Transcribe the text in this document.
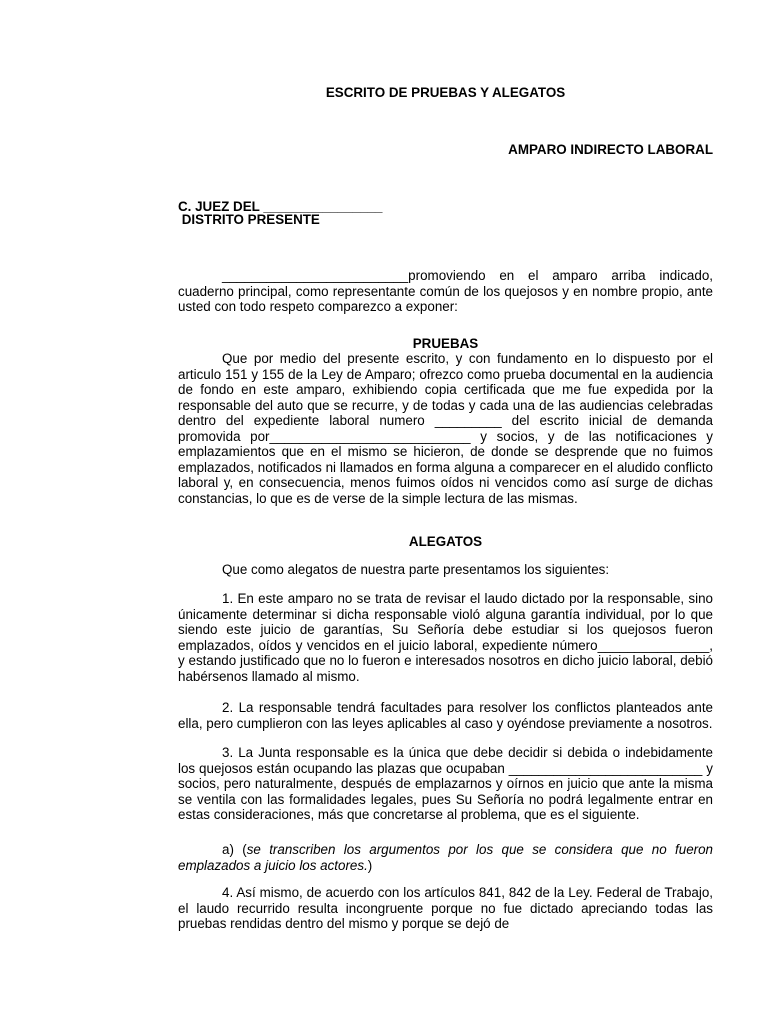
ESCRITO DE PRUEBAS Y ALEGATOS

AMPARO INDIRECTO LABORAL

C. JUEZ DEL ________________

DISTRITO PRESENTE

_________________________promoviendo en el amparo arriba indicado, cuaderno principal, como representante común de los quejosos y en nombre propio, ante usted con todo respeto comparezco a exponer:

PRUEBAS

Que por medio del presente escrito, y con fundamento en lo dispuesto por el articulo 151 y 155 de la Ley de Amparo; ofrezco como prueba documental en la audiencia de fondo en este amparo, exhibiendo copia certificada que me fue expedida por la responsable del auto que se recurre, y de todas y cada una de las audiencias celebradas dentro del expediente laboral numero _________ del escrito inicial de demanda promovida por___________________________ y socios, y de las notificaciones y emplazamientos que en el mismo se hicieron, de donde se desprende que no fuimos emplazados, notificados ni llamados en forma alguna a comparecer en el aludido conflicto laboral y, en consecuencia, menos fuimos oídos ni vencidos como así surge de dichas constancias, lo que es de verse de la simple lectura de las mismas.

ALEGATOS

Que como alegatos de nuestra parte presentamos los siguientes:

1. En este amparo no se trata de revisar el laudo dictado por la responsable, sino únicamente determinar si dicha responsable violó alguna garantía individual, por lo que siendo este juicio de garantías, Su Señoría debe estudiar si los quejosos fueron emplazados, oídos y vencidos en el juicio laboral, expediente número_______________, y estando justificado que no lo fueron e interesados nosotros en dicho juicio laboral, debió habérsenos llamado al mismo.

2. La responsable tendrá facultades para resolver los conflictos planteados ante ella, pero cumplieron con las leyes aplicables al caso y oyéndose previamente a nosotros.

3. La Junta responsable es la única que debe decidir si debida o indebidamente los quejosos están ocupando las plazas que ocupaban __________________________ y socios, pero naturalmente, después de emplazarnos y oírnos en juicio que ante la misma se ventila con las formalidades legales, pues Su Señoría no podrá legalmente entrar en estas consideraciones, más que concretarse al problema, que es el siguiente.

a) (se transcriben los argumentos por los que se considera que no fueron emplazados a juicio los actores.)

4. Así mismo, de acuerdo con los artículos 841, 842 de la Ley. Federal de Trabajo, el laudo recurrido resulta incongruente porque no fue dictado apreciando todas las pruebas rendidas dentro del mismo y porque se dejó de
